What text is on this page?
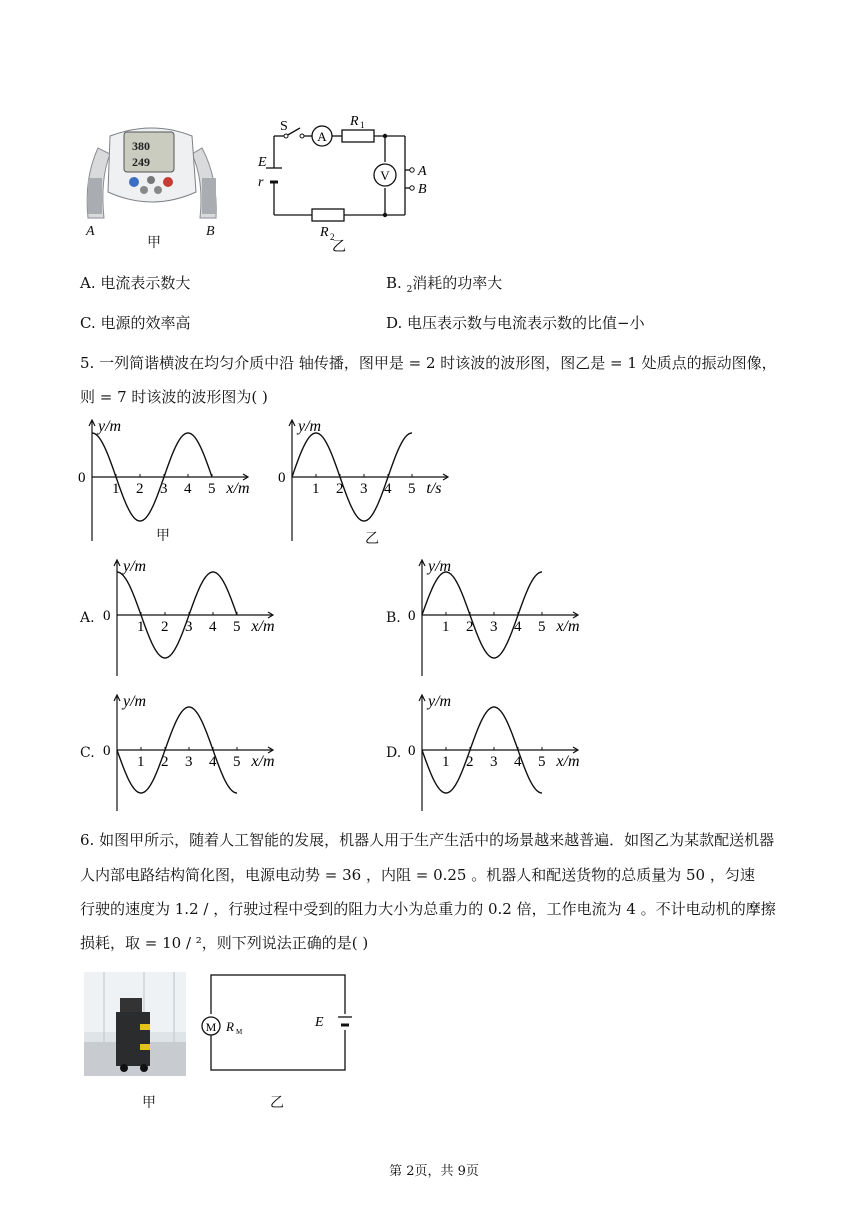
380
249
A
甲
B
A
V
S	R 1
E
r
A
B
R 2
乙
A. 电流表示数大	B. $_2$消耗的功率大
C. 电源的效率高	D. 电压表示数与电流表示数的比值−小
5. 一列简谐横波在均匀介质中沿 轴传播，图甲是 = 2 时该波的波形图，图乙是 = 1 处质点的振动图像，
则 = 7 时该波的波形图为( )
y/m
0
1 2 3 4 5 x/m
甲
y/m
0
1 2 3 4 5 t/s
乙
A.
y/m
0
1 2 3 4 5 x/m	B.
y/m
0
1 2 3 4 5 x/m
C.
y/m
0
1 2 3 4 5 x/m	D.
y/m
0
1 2 3 4 5 x/m
6. 如图甲所示，随着人工智能的发展，机器人用于生产生活中的场景越来越普遍．如图乙为某款配送机器
人内部电路结构简化图，电源电动势 = 36 ，内阻 = 0.25 。机器人和配送货物的总质量为 50 ，匀速
行驶的速度为 1.2 / ，行驶过程中受到的阻力大小为总重力的 0.2 倍，工作电流为 4 。不计电动机的摩擦
损耗，取 = 10 / ²，则下列说法正确的是( )
甲
M R M
E
乙
第 2页，共 9页
